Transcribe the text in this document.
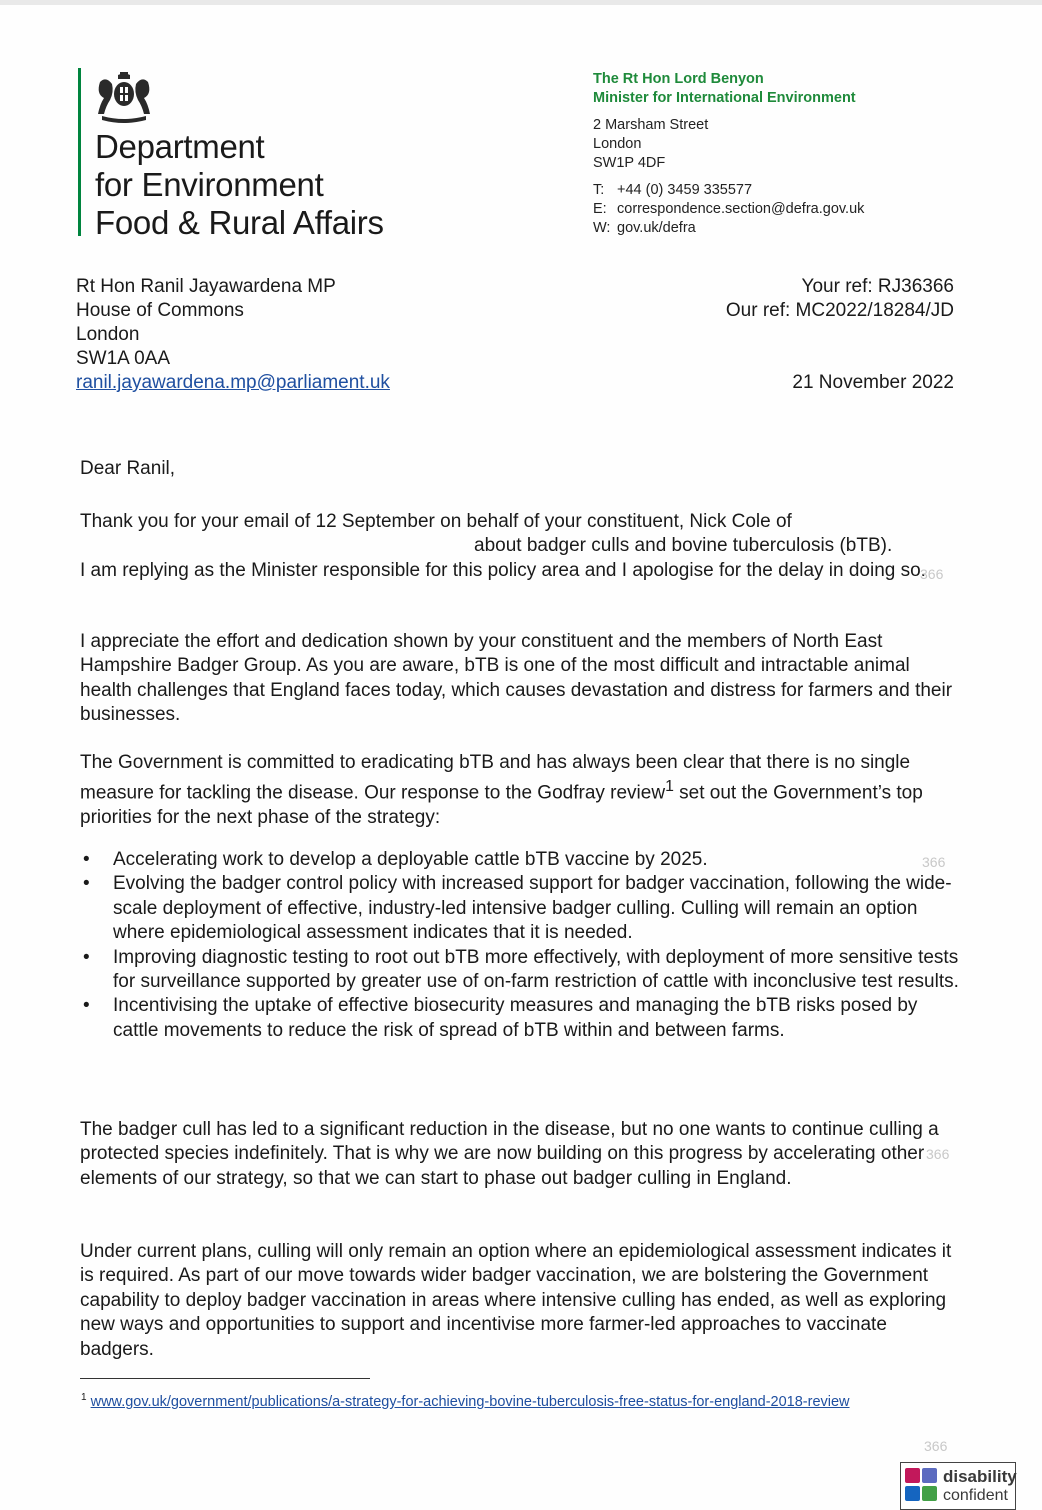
Department
for Environment
Food & Rural Affairs
The Rt Hon Lord Benyon
Minister for International Environment
2 Marsham Street
London
SW1P 4DF
T: +44 (0) 3459 335577
E: correspondence.section@defra.gov.uk
W: gov.uk/defra
Rt Hon Ranil Jayawardena MP
House of Commons
London
SW1A 0AA
ranil.jayawardena.mp@parliament.uk
Your ref: RJ36366
Our ref: MC2022/18284/JD
21 November 2022
Dear Ranil,
Thank you for your email of 12 September on behalf of your constituent, Nick Cole of
about badger culls and bovine tuberculosis (bTB).
I am replying as the Minister responsible for this policy area and I apologise for the delay in doing so.
I appreciate the effort and dedication shown by your constituent and the members of North East Hampshire Badger Group. As you are aware, bTB is one of the most difficult and intractable animal health challenges that England faces today, which causes devastation and distress for farmers and their businesses.
The Government is committed to eradicating bTB and has always been clear that there is no single measure for tackling the disease. Our response to the Godfray review$^1$ set out the Government’s top priorities for the next phase of the strategy:
• Accelerating work to develop a deployable cattle bTB vaccine by 2025.
• Evolving the badger control policy with increased support for badger vaccination, following the wide-scale deployment of effective, industry-led intensive badger culling. Culling will remain an option where epidemiological assessment indicates that it is needed.
• Improving diagnostic testing to root out bTB more effectively, with deployment of more sensitive tests for surveillance supported by greater use of on-farm restriction of cattle with inconclusive test results.
• Incentivising the uptake of effective biosecurity measures and managing the bTB risks posed by cattle movements to reduce the risk of spread of bTB within and between farms.
The badger cull has led to a significant reduction in the disease, but no one wants to continue culling a protected species indefinitely. That is why we are now building on this progress by accelerating other elements of our strategy, so that we can start to phase out badger culling in England.
Under current plans, culling will only remain an option where an epidemiological assessment indicates it is required. As part of our move towards wider badger vaccination, we are bolstering the Government capability to deploy badger vaccination in areas where intensive culling has ended, as well as exploring new ways and opportunities to support and incentivise more farmer-led approaches to vaccinate badgers.
$^1$ www.gov.uk/government/publications/a-strategy-for-achieving-bovine-tuberculosis-free-status-for-england-2018-review
366
366
366
366
disability
confident
